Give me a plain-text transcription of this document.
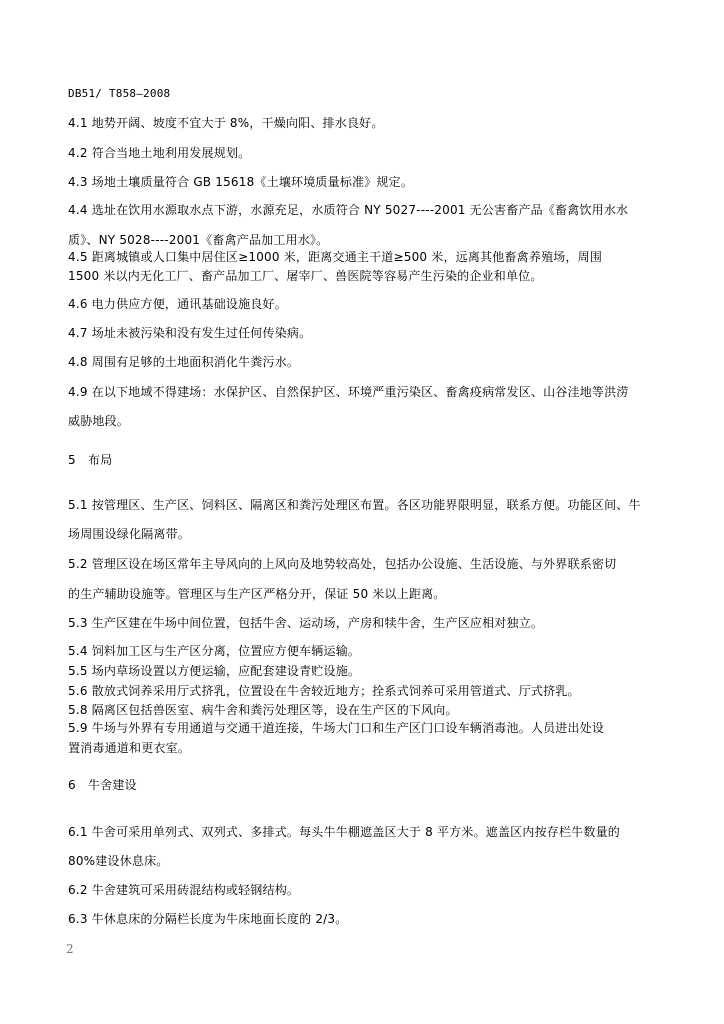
DB51/ T858—2008
4.1 地势开阔、坡度不宜大于 8%，干燥向阳、排水良好。
4.2 符合当地土地利用发展规划。
4.3 场地土壤质量符合 GB 15618《土壤环境质量标准》规定。
4.4 选址在饮用水源取水点下游，水源充足，水质符合 NY 5027----2001 无公害畜产品《畜禽饮用水水
质》、NY 5028----2001《畜禽产品加工用水》。
4.5 距离城镇或人口集中居住区≥1000 米，距离交通主干道≥500 米，远离其他畜禽养殖场，周围
1500 米以内无化工厂、畜产品加工厂、屠宰厂、兽医院等容易产生污染的企业和单位。
4.6 电力供应方便，通讯基础设施良好。
4.7 场址未被污染和没有发生过任何传染病。
4.8 周围有足够的土地面积消化牛粪污水。
4.9 在以下地域不得建场：水保护区、自然保护区、环境严重污染区、畜禽疫病常发区、山谷洼地等洪涝
威胁地段。
5　布局
5.1 按管理区、生产区、饲料区、隔离区和粪污处理区布置。各区功能界限明显，联系方便。功能区间、牛
场周围设绿化隔离带。
5.2 管理区设在场区常年主导风向的上风向及地势较高处，包括办公设施、生活设施、与外界联系密切
的生产辅助设施等。管理区与生产区严格分开，保证 50 米以上距离。
5.3 生产区建在牛场中间位置，包括牛舍、运动场，产房和犊牛舍，生产区应相对独立。
5.4 饲料加工区与生产区分离，位置应方便车辆运输。
5.5 场内草场设置以方便运输，应配套建设青贮设施。
5.6 散放式饲养采用厅式挤乳，位置设在牛舍较近地方；拴系式饲养可采用管道式、厅式挤乳。
5.8 隔离区包括兽医室、病牛舍和粪污处理区等，设在生产区的下风向。
5.9 牛场与外界有专用通道与交通干道连接，牛场大门口和生产区门口设车辆消毒池。人员进出处设
置消毒通道和更衣室。
6　牛舍建设
6.1 牛舍可采用单列式、双列式、多排式。每头牛牛棚遮盖区大于 8 平方米。遮盖区内按存栏牛数量的
80%建设休息床。
6.2 牛舍建筑可采用砖混结构或轻钢结构。
6.3 牛休息床的分隔栏长度为牛床地面长度的 2/3。
2
